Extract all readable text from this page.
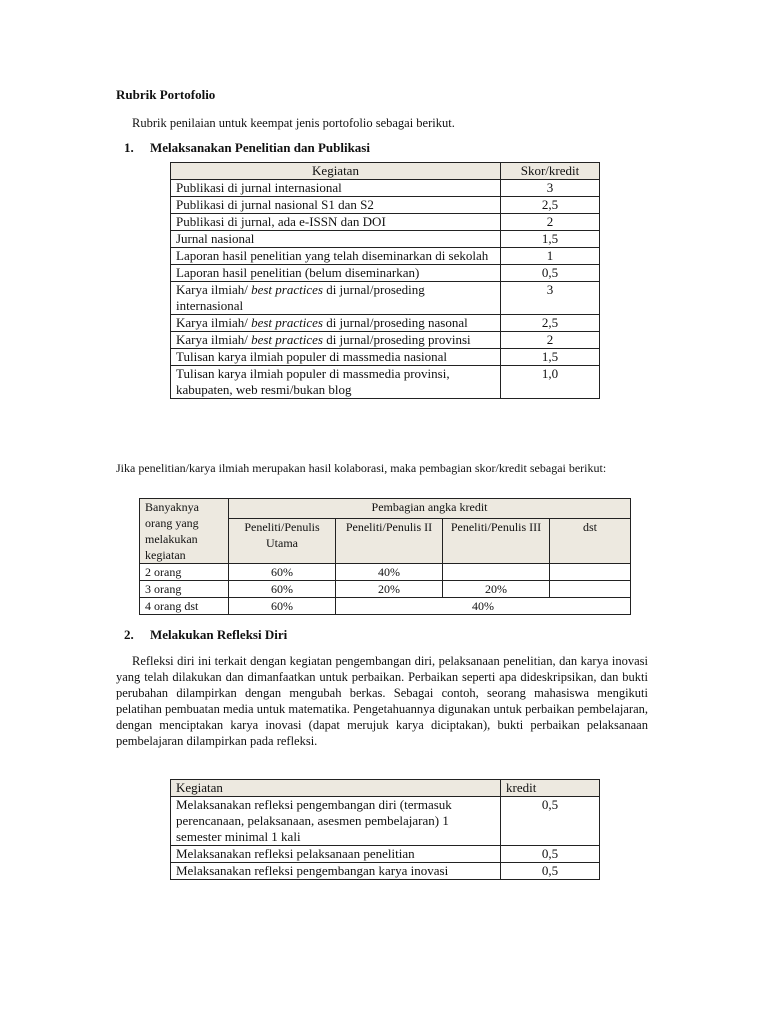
Rubrik Portofolio
Rubrik penilaian untuk keempat jenis portofolio sebagai berikut.
1. Melaksanakan Penelitian dan Publikasi
Kegiatan	Skor/kredit
Publikasi di jurnal internasional	3
Publikasi di jurnal nasional S1 dan S2	2,5
Publikasi di jurnal, ada e-ISSN dan DOI	2
Jurnal nasional	1,5
Laporan hasil penelitian yang telah diseminarkan di sekolah	1
Laporan hasil penelitian (belum diseminarkan)	0,5
Karya ilmiah/ best practices di jurnal/proseding internasional	3
Karya ilmiah/ best practices di jurnal/proseding nasonal	2,5
Karya ilmiah/ best practices di jurnal/proseding provinsi	2
Tulisan karya ilmiah populer di massmedia nasional	1,5
Tulisan karya ilmiah populer di massmedia provinsi, kabupaten, web resmi/bukan blog	1,0
Jika penelitian/karya ilmiah merupakan hasil kolaborasi, maka pembagian skor/kredit sebagai berikut:
Banyaknya orang yang melakukan kegiatan	Pembagian angka kredit			
	Peneliti/Penulis Utama	Peneliti/Penulis II	Peneliti/Penulis III	dst
2 orang	60%	40%		
3 orang	60%	20%	20%	
4 orang dst	60%	40%		
2. Melakukan Refleksi Diri
Refleksi diri ini terkait dengan kegiatan pengembangan diri, pelaksanaan penelitian, dan karya inovasi yang telah dilakukan dan dimanfaatkan untuk perbaikan. Perbaikan seperti apa dideskripsikan, dan bukti perubahan dilampirkan dengan mengubah berkas. Sebagai contoh, seorang mahasiswa mengikuti pelatihan pembuatan media untuk matematika. Pengetahuannya digunakan untuk perbaikan pembelajaran, dengan menciptakan karya inovasi (dapat merujuk karya diciptakan), bukti perbaikan pelaksanaan pembelajaran dilampirkan pada refleksi.
Kegiatan	kredit
Melaksanakan refleksi pengembangan diri (termasuk perencanaan, pelaksanaan, asesmen pembelajaran) 1 semester minimal 1 kali	0,5
Melaksanakan refleksi pelaksanaan penelitian	0,5
Melaksanakan refleksi pengembangan karya inovasi	0,5
